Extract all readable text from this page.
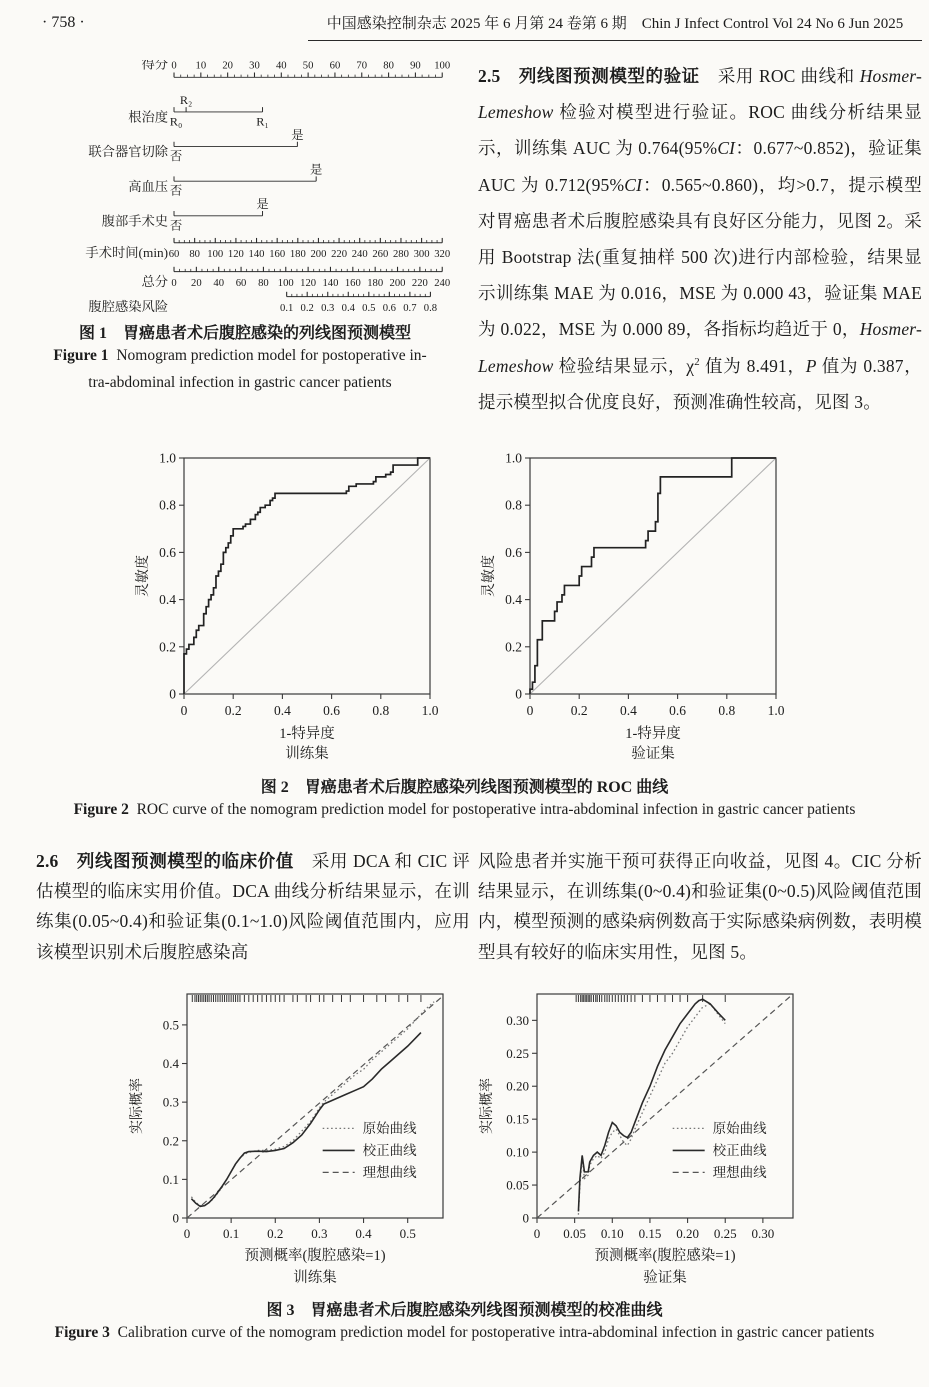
· 758 ·	中国感染控制杂志 2025 年 6 月第 24 卷第 6 期　Chin J Infect Control Vol 24 No 6 Jun 2025
0 10 20 30 40 50 60 70 80 90 100
得分
R₂
R₀	R₁
根治度
是
否
联合器官切除
是
否
高血压
是
否
腹部手术史
60 80 100 120 140 160 180 200 220 240 260 280 300 320
手术时间(min)
0 20 40 60 80 100 120 140 160 180 200 220 240
总分
0.1 0.2 0.3 0.4 0.5 0.6 0.7 0.8
腹腔感染风险
图 1　胃癌患者术后腹腔感染的列线图预测模型
Figure 1 Nomogram prediction model for postoperative in-
tra-abdominal infection in gastric cancer patients
2.5　列线图预测模型的验证　采用 ROC 曲线和 Hosmer-Lemeshow 检验对模型进行验证。ROC 曲线分析结果显示，训练集 AUC 为 0.764(95%CI：0.677~0.852)，验证集 AUC 为 0.712(95%CI：0.565~0.860)，均>0.7，提示模型对胃癌患者术后腹腔感染具有良好区分能力，见图 2。采用 Bootstrap 法(重复抽样 500 次)进行内部检验，结果显示训练集 MAE 为 0.016，MSE 为 0.000 43，验证集 MAE 为 0.022，MSE 为 0.000 89，各指标均趋近于 0，Hosmer-Lemeshow 检验结果显示，$\chi^2$ 值为 8.491，P 值为 0.387，提示模型拟合优度良好，预测准确性较高，见图 3。
0
0
0.2
0.2
0.4
0.4
0.6
0.6
0.8
0.8
1.0
1.0
灵敏度
1-特异度
训练集
0
0
0.2
0.2
0.4
0.4
0.6
0.6
0.8
0.8
1.0
1.0
灵敏度
1-特异度
验证集
图 2　胃癌患者术后腹腔感染列线图预测模型的 ROC 曲线
Figure 2 ROC curve of the nomogram prediction model for postoperative intra-abdominal infection in gastric cancer patients
2.6　列线图预测模型的临床价值　采用 DCA 和 CIC 评估模型的临床实用价值。DCA 曲线分析结果显示，在训练集(0.05~0.4)和验证集(0.1~1.0)风险阈值范围内，应用该模型识别术后腹腔感染高
风险患者并实施干预可获得正向收益，见图 4。CIC 分析结果显示，在训练集(0~0.4)和验证集(0~0.5)风险阈值范围内，模型预测的感染病例数高于实际感染病例数，表明模型具有较好的临床实用性，见图 5。
0
0
0.1
0.1
0.2
0.2
0.3
0.3
0.4
0.4
0.5
0.5
实际概率
预测概率(腹腔感染=1)
训练集
原始曲线
校正曲线
理想曲线
0
0
0.05
0.05
0.10
0.10
0.15
0.15
0.20
0.20
0.25
0.25
0.30
0.30
实际概率
预测概率(腹腔感染=1)
验证集
原始曲线
校正曲线
理想曲线
图 3　胃癌患者术后腹腔感染列线图预测模型的校准曲线
Figure 3 Calibration curve of the nomogram prediction model for postoperative intra-abdominal infection in gastric cancer patients
